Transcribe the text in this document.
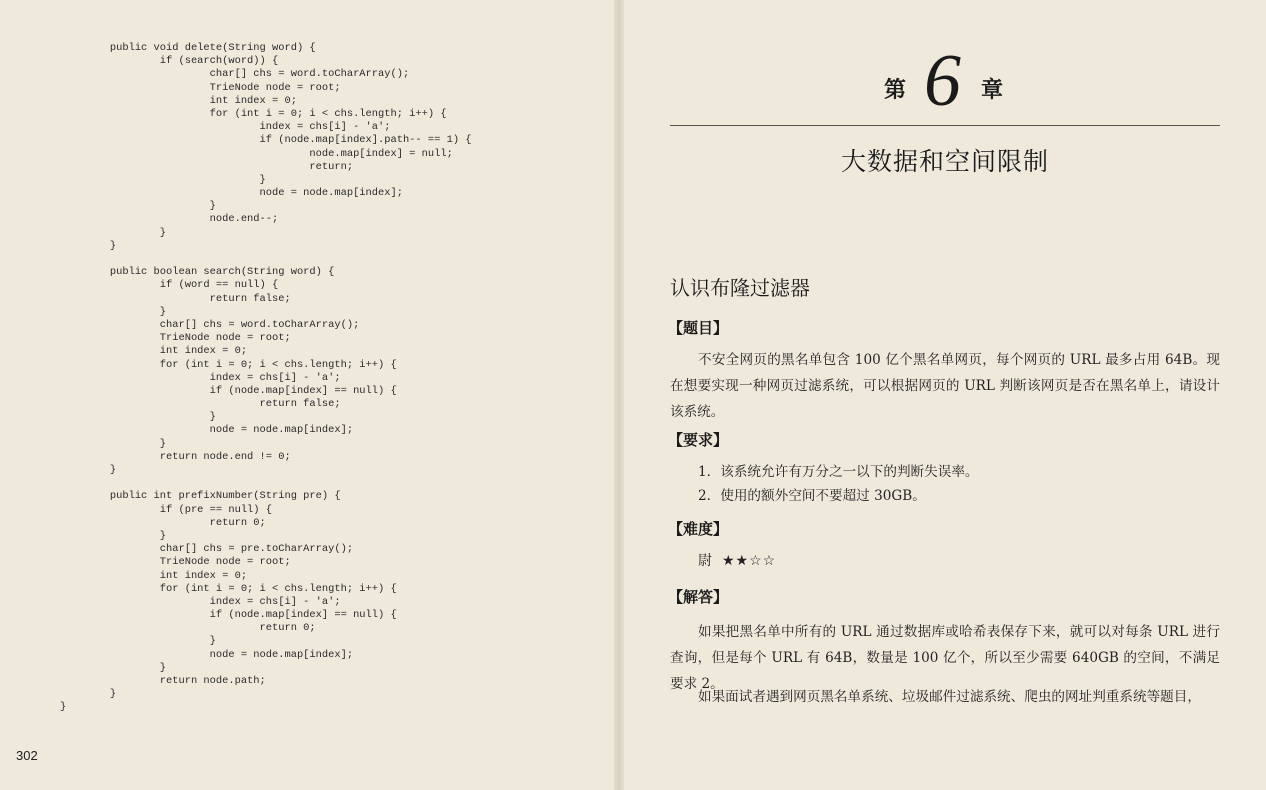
public void delete(String word) {
if (search(word)) {
char[] chs = word.toCharArray();
TrieNode node = root;
int index = 0;
for (int i = 0; i < chs.length; i++) {
index = chs[i] - 'a';
if (node.map[index].path-- == 1) {
node.map[index] = null;
return;
}
node = node.map[index];
}
node.end--;
}
}
public boolean search(String word) {
if (word == null) {
return false;
}
char[] chs = word.toCharArray();
TrieNode node = root;
int index = 0;
for (int i = 0; i < chs.length; i++) {
index = chs[i] - 'a';
if (node.map[index] == null) {
return false;
}
node = node.map[index];
}
return node.end != 0;
}
public int prefixNumber(String pre) {
if (pre == null) {
return 0;
}
char[] chs = pre.toCharArray();
TrieNode node = root;
int index = 0;
for (int i = 0; i < chs.length; i++) {
index = chs[i] - 'a';
if (node.map[index] == null) {
return 0;
}
node = node.map[index];
}
return node.path;
}
}
302
第 6 章
大数据和空间限制
认识布隆过滤器
【题目】
不安全网页的黑名单包含 100 亿个黑名单网页，每个网页的 URL 最多占用 64B。现在想要实现一种网页过滤系统，可以根据网页的 URL 判断该网页是否在黑名单上，请设计该系统。
【要求】
1．该系统允许有万分之一以下的判断失误率。
2．使用的额外空间不要超过 30GB。
【难度】
尉 ★★☆☆
【解答】
如果把黑名单中所有的 URL 通过数据库或哈希表保存下来，就可以对每条 URL 进行查询，但是每个 URL 有 64B，数量是 100 亿个，所以至少需要 640GB 的空间，不满足要求 2。
如果面试者遇到网页黑名单系统、垃圾邮件过滤系统、爬虫的网址判重系统等题目，
